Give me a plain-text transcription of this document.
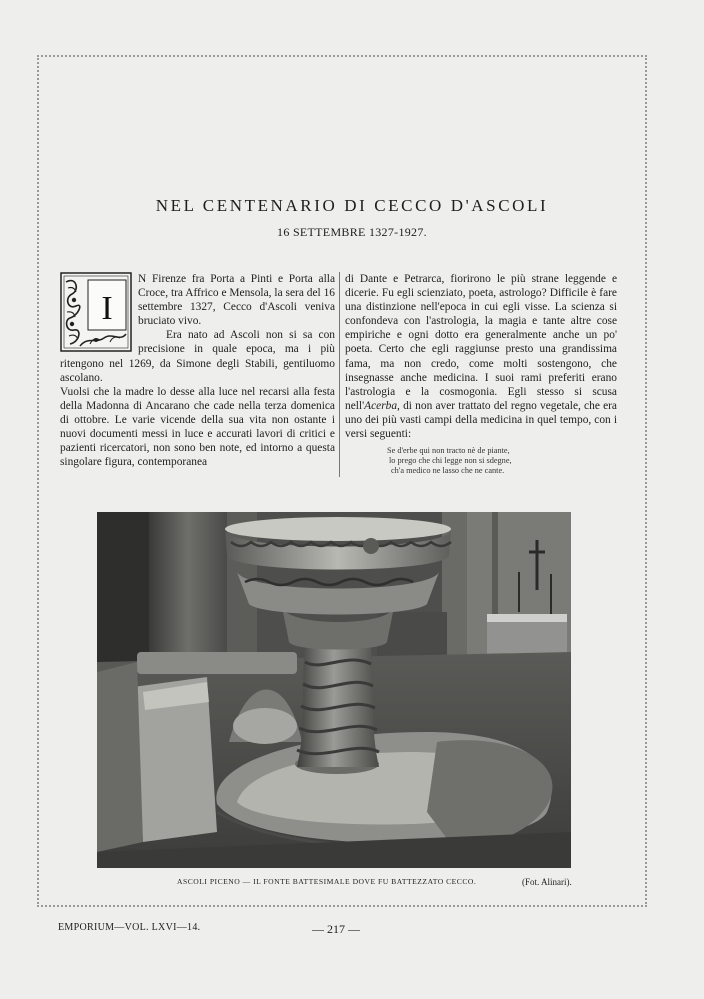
NEL CENTENARIO DI CECCO D'ASCOLI
16 SETTEMBRE 1327-1927.
I

N Firenze fra Porta a Pinti e Porta alla Croce, tra Affrico e Mensola, la sera del 16 settembre 1327, Cecco d'Ascoli veniva bruciato vivo.

Era nato ad Ascoli non si sa con precisione in quale epoca, ma i più ritengono nel 1269, da Simone degli Stabili, gentiluomo ascolano.

Vuolsi che la madre lo desse alla luce nel recarsi alla festa della Madonna di Ancarano che cade nella terza domenica di ottobre. Le varie vicende della sua vita non ostante i nuovi documenti messi in luce e accurati lavori di critici e pazienti ricercatori, non sono ben note, ed intorno a questa singolare figura, contemporanea

di Dante e Petrarca, fiorirono le più strane leggende e dicerie. Fu egli scienziato, poeta, astrologo? Difficile è fare una distinzione nell'epoca in cui egli visse. La scienza si confondeva con l'astrologia, la magia e tante altre cose empiriche e ogni dotto era generalmente anche un po' poeta. Certo che egli raggiunse presto una grandissima fama, ma non credo, come molti sostengono, che insegnasse anche medicina. I suoi rami preferiti erano l'astrologia e la cosmogonia. Egli stesso si scusa nell'Acerba, di non aver trattato del regno vegetale, che era uno dei più vasti campi della medicina in quel tempo, con i versi seguenti:

Se d'erbe qui non tracto nè de piante,
lo prego che chi legge non si sdegne,
ch'a medico ne lasso che ne cante.
ASCOLI PICENO — IL FONTE BATTESIMALE DOVE FU BATTEZZATO CECCO.	(Fot. Alinari).
EMPORIUM—VOL. LXVI—14.	— 217 —
